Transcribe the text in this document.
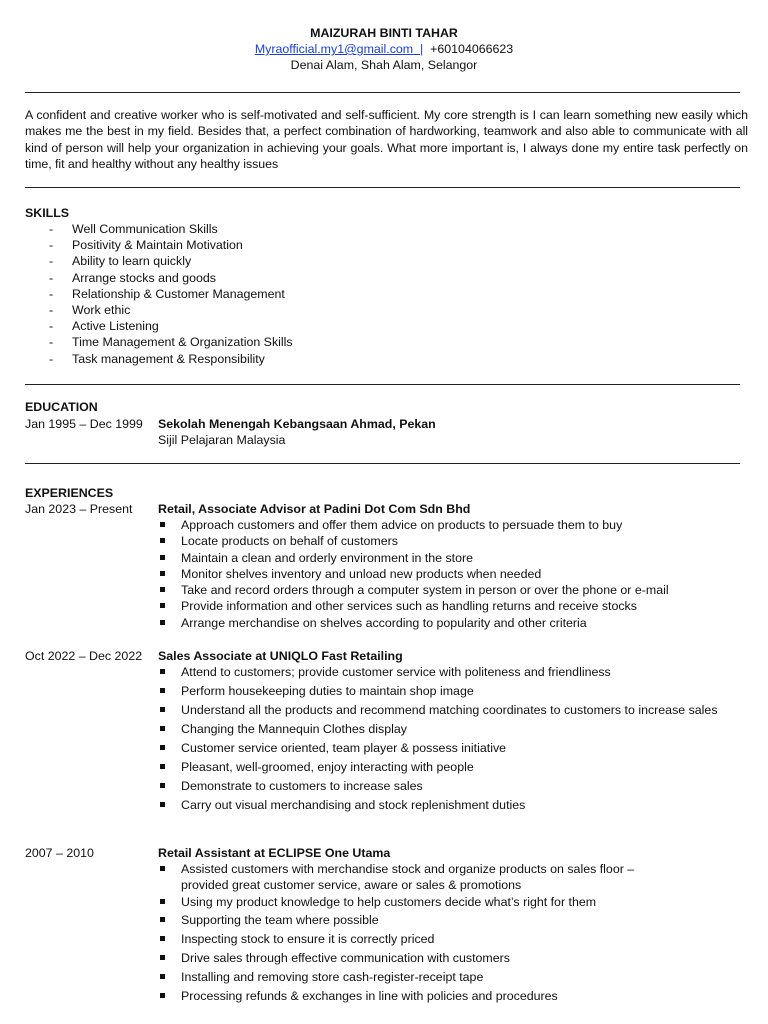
MAIZURAH BINTI TAHAR
Myraofficial.my1@gmail.com | +60104066623
Denai Alam, Shah Alam, Selangor
A confident and creative worker who is self-motivated and self-sufficient. My core strength is I can learn something new easily which makes me the best in my field. Besides that, a perfect combination of hardworking, teamwork and also able to communicate with all kind of person will help your organization in achieving your goals. What more important is, I always done my entire task perfectly on time, fit and healthy without any healthy issues
SKILLS
- Well Communication Skills
- Positivity & Maintain Motivation
- Ability to learn quickly
- Arrange stocks and goods
- Relationship & Customer Management
- Work ethic
- Active Listening
- Time Management & Organization Skills
- Task management & Responsibility
EDUCATION
Jan 1995 – Dec 1999 Sekolah Menengah Kebangsaan Ahmad, Pekan
Sijil Pelajaran Malaysia
EXPERIENCES
Jan 2023 – Present Retail, Associate Advisor at Padini Dot Com Sdn Bhd
Approach customers and offer them advice on products to persuade them to buy
Locate products on behalf of customers
Maintain a clean and orderly environment in the store
Monitor shelves inventory and unload new products when needed
Take and record orders through a computer system in person or over the phone or e-mail
Provide information and other services such as handling returns and receive stocks
Arrange merchandise on shelves according to popularity and other criteria
Oct 2022 – Dec 2022 Sales Associate at UNIQLO Fast Retailing
Attend to customers; provide customer service with politeness and friendliness
Perform housekeeping duties to maintain shop image
Understand all the products and recommend matching coordinates to customers to increase sales
Changing the Mannequin Clothes display
Customer service oriented, team player & possess initiative
Pleasant, well-groomed, enjoy interacting with people
Demonstrate to customers to increase sales
Carry out visual merchandising and stock replenishment duties
2007 – 2010	Retail Assistant at ECLIPSE One Utama
Assisted customers with merchandise stock and organize products on sales floor – provided great customer service, aware or sales & promotions
Using my product knowledge to help customers decide what’s right for them
Supporting the team where possible
Inspecting stock to ensure it is correctly priced
Drive sales through effective communication with customers
Installing and removing store cash-register-receipt tape
Processing refunds & exchanges in line with policies and procedures
